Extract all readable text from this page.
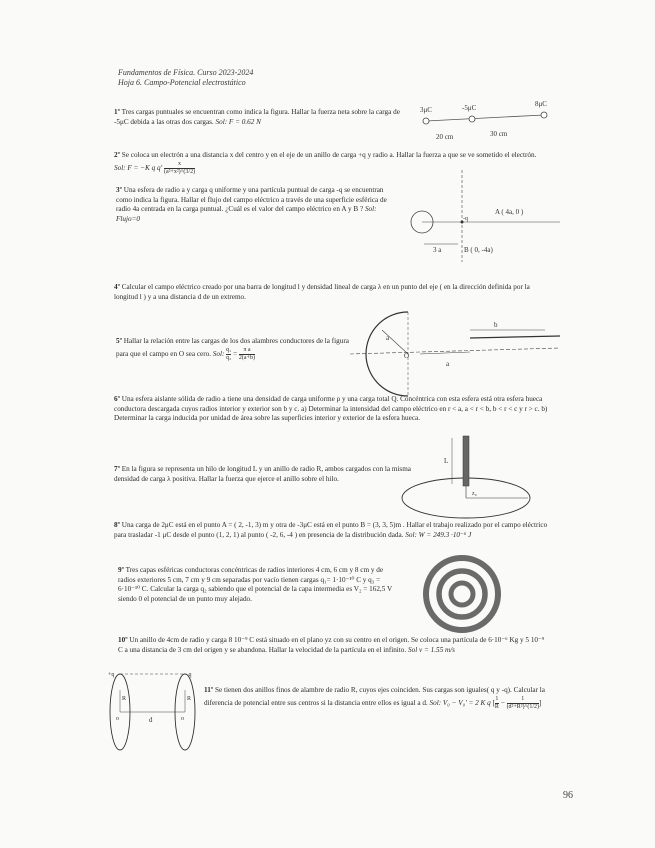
Fundamentos de Física. Curso 2023-2024
Hoja 6. Campo-Potencial electrostático
1º Tres cargas puntuales se encuentran como indica la figura. Hallar la fuerza neta sobre la carga de -5μC debida a las otras dos cargas. Sol: F = 0.62 N
3μC	-5μC	8μC
20 cm	30 cm
2º Se coloca un electrón a una distancia x del centro y en el eje de un anillo de carga +q y radio a. Hallar la fuerza a que se ve sometido el electrón. Sol: F = −K q $q' \frac{x}{\text{(a²+x²)\textasciicircum{}(3/2)}}$
3º Una esfera de radio a y carga q uniforme y una partícula puntual de carga -q se encuentran como indica la figura. Hallar el flujo del campo eléctrico a través de una superficie esférica de radio 4a centrada en la carga puntual. ¿Cuál es el valor del campo eléctrico en A y B ? Sol: Flujo=0	-q
A ( 4a, 0 )
B ( 0, -4a)
3 a
4º Calcular el campo eléctrico creado por una barra de longitud l y densidad lineal de carga λ en un punto del eje ( en la dirección definida por la longitud l ) y a una distancia d de un extremo.
5º Hallar la relación entre las cargas de los dos alambres conductores de la figura para que el campo en O sea cero. Sol: $\frac{\text{q₁}}{\text{q₂}} = \frac{\text{π a}}{2(a+b)}$
a
a
b
O
6º Una esfera aislante sólida de radio a tiene una densidad de carga uniforme ρ y una carga total Q. Concéntrica con esta esfera está otra esfera hueca conductora descargada cuyos radios interior y exterior son b y c. a) Determinar la intensidad del campo eléctrico en r < a, a < r < b, b < r < c y r > c. b) Determinar la carga inducida por unidad de área sobre las superficies interior y exterior de la esfera hueca.
7º En la figura se representa un hilo de longitud L y un anillo de radio R, ambos cargados con la misma densidad de carga λ positiva. Hallar la fuerza que ejerce el anillo sobre el hilo.
L
z₀
8º Una carga de 2μC está en el punto A = ( 2, -1, 3) m y otra de -3μC está en el punto B = (3, 3, 5)m . Hallar el trabajo realizado por el campo eléctrico para trasladar -1 μC desde el punto (1, 2, 1) al punto ( -2, 6, -4 ) en presencia de la distribución dada. Sol: W = 249.3 ·10⁻⁶ J
9º Tres capas esféricas conductoras concéntricas de radios interiores 4 cm, 6 cm y 8 cm y de radios exteriores 5 cm, 7 cm y 9 cm separadas por vacío tienen cargas q₁= 1·10⁻¹⁰ C y q₃ = 6·10⁻¹⁰ C. Calcular la carga q₂ sabiendo que el potencial de la capa intermedia es V₂ = 162,5 V siendo 0 el potencial de un punto muy alejado.
10º Un anillo de 4cm de radio y carga 8 10⁻⁹ C está situado en el plano yz con su centro en el origen. Se coloca una partícula de 6·10⁻⁶ Kg y 5 10⁻⁹ C a una distancia de 3 cm del origen y se abandona. Hallar la velocidad de la partícula en el infinito. Sol v = 1.55 m/s
+q	- q
R	R
o	o
d
11º Se tienen dos anillos finos de alambre de radio R, cuyos ejes coinciden. Sus cargas son iguales( q y -q). Calcular la diferencia de potencial entre sus centros si la distancia entre ellos es igual a d. Sol: V₀ − V₀' = 2 K q [ $\frac{1}{R} - \frac{1}{\text{(d²+R²)\textasciicircum{}(1/2)}}$ ]
96
